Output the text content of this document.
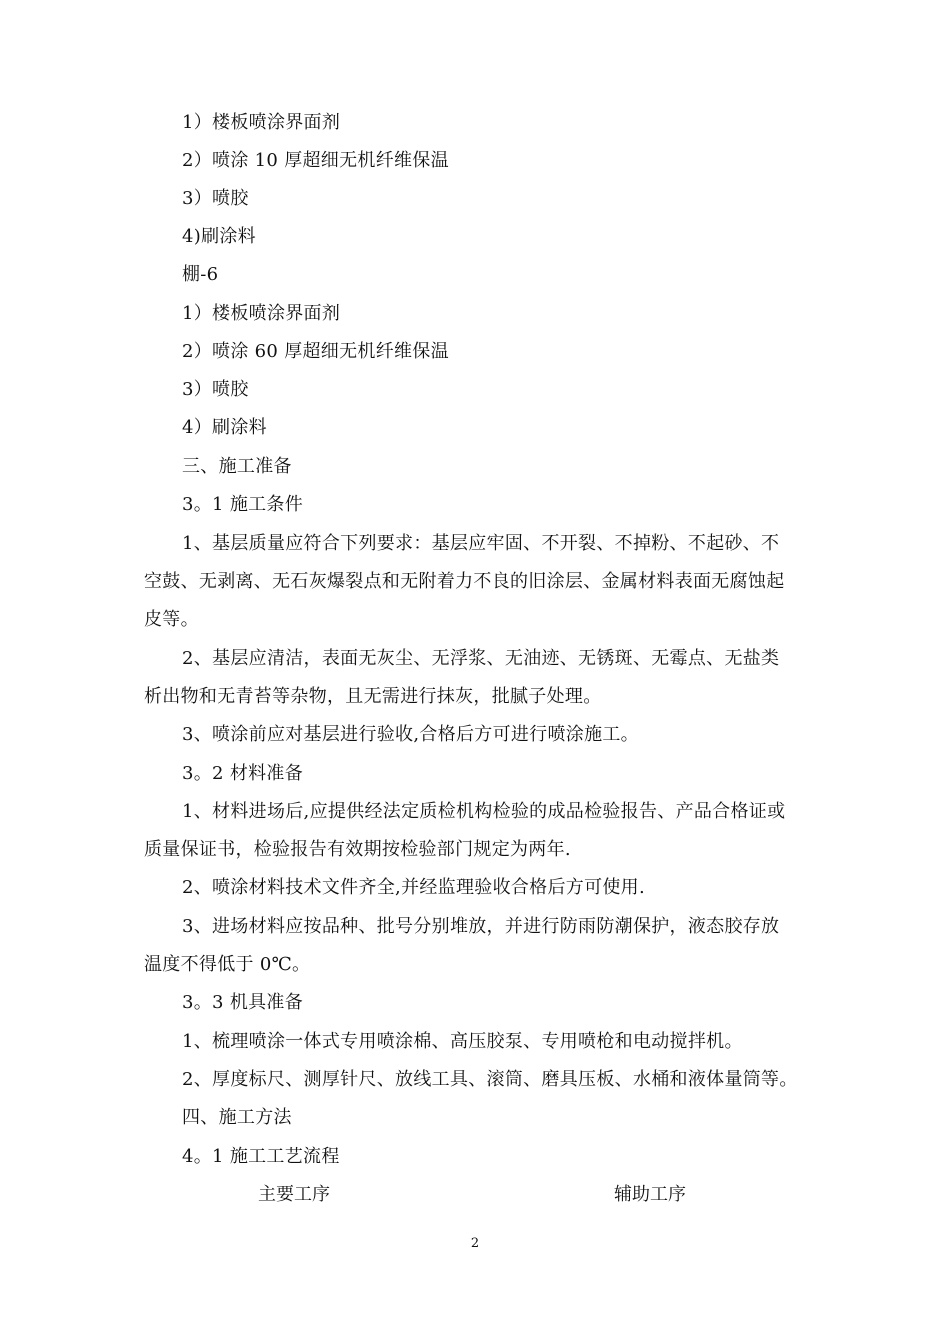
1）楼板喷涂界面剂
2）喷涂 10 厚超细无机纤维保温
3）喷胶
4)刷涂料
棚-6
1）楼板喷涂界面剂
2）喷涂 60 厚超细无机纤维保温
3）喷胶
4）刷涂料
三、施工准备
3。1 施工条件
1、基层质量应符合下列要求：基层应牢固、不开裂、不掉粉、不起砂、不
空鼓、无剥离、无石灰爆裂点和无附着力不良的旧涂层、金属材料表面无腐蚀起
皮等。
2、基层应清洁，表面无灰尘、无浮浆、无油迹、无锈斑、无霉点、无盐类
析出物和无青苔等杂物，且无需进行抹灰，批腻子处理。
3、喷涂前应对基层进行验收,合格后方可进行喷涂施工。
3。2 材料准备
1、材料进场后,应提供经法定质检机构检验的成品检验报告、产品合格证或
质量保证书，检验报告有效期按检验部门规定为两年.
2、喷涂材料技术文件齐全,并经监理验收合格后方可使用.
3、进场材料应按品种、批号分别堆放，并进行防雨防潮保护，液态胶存放
温度不得低于 0℃。
3。3 机具准备
1、梳理喷涂一体式专用喷涂棉、高压胶泵、专用喷枪和电动搅拌机。
2、厚度标尺、测厚针尺、放线工具、滚筒、磨具压板、水桶和液体量筒等。
四、施工方法
4。1 施工工艺流程
主要工序	辅助工序
2
